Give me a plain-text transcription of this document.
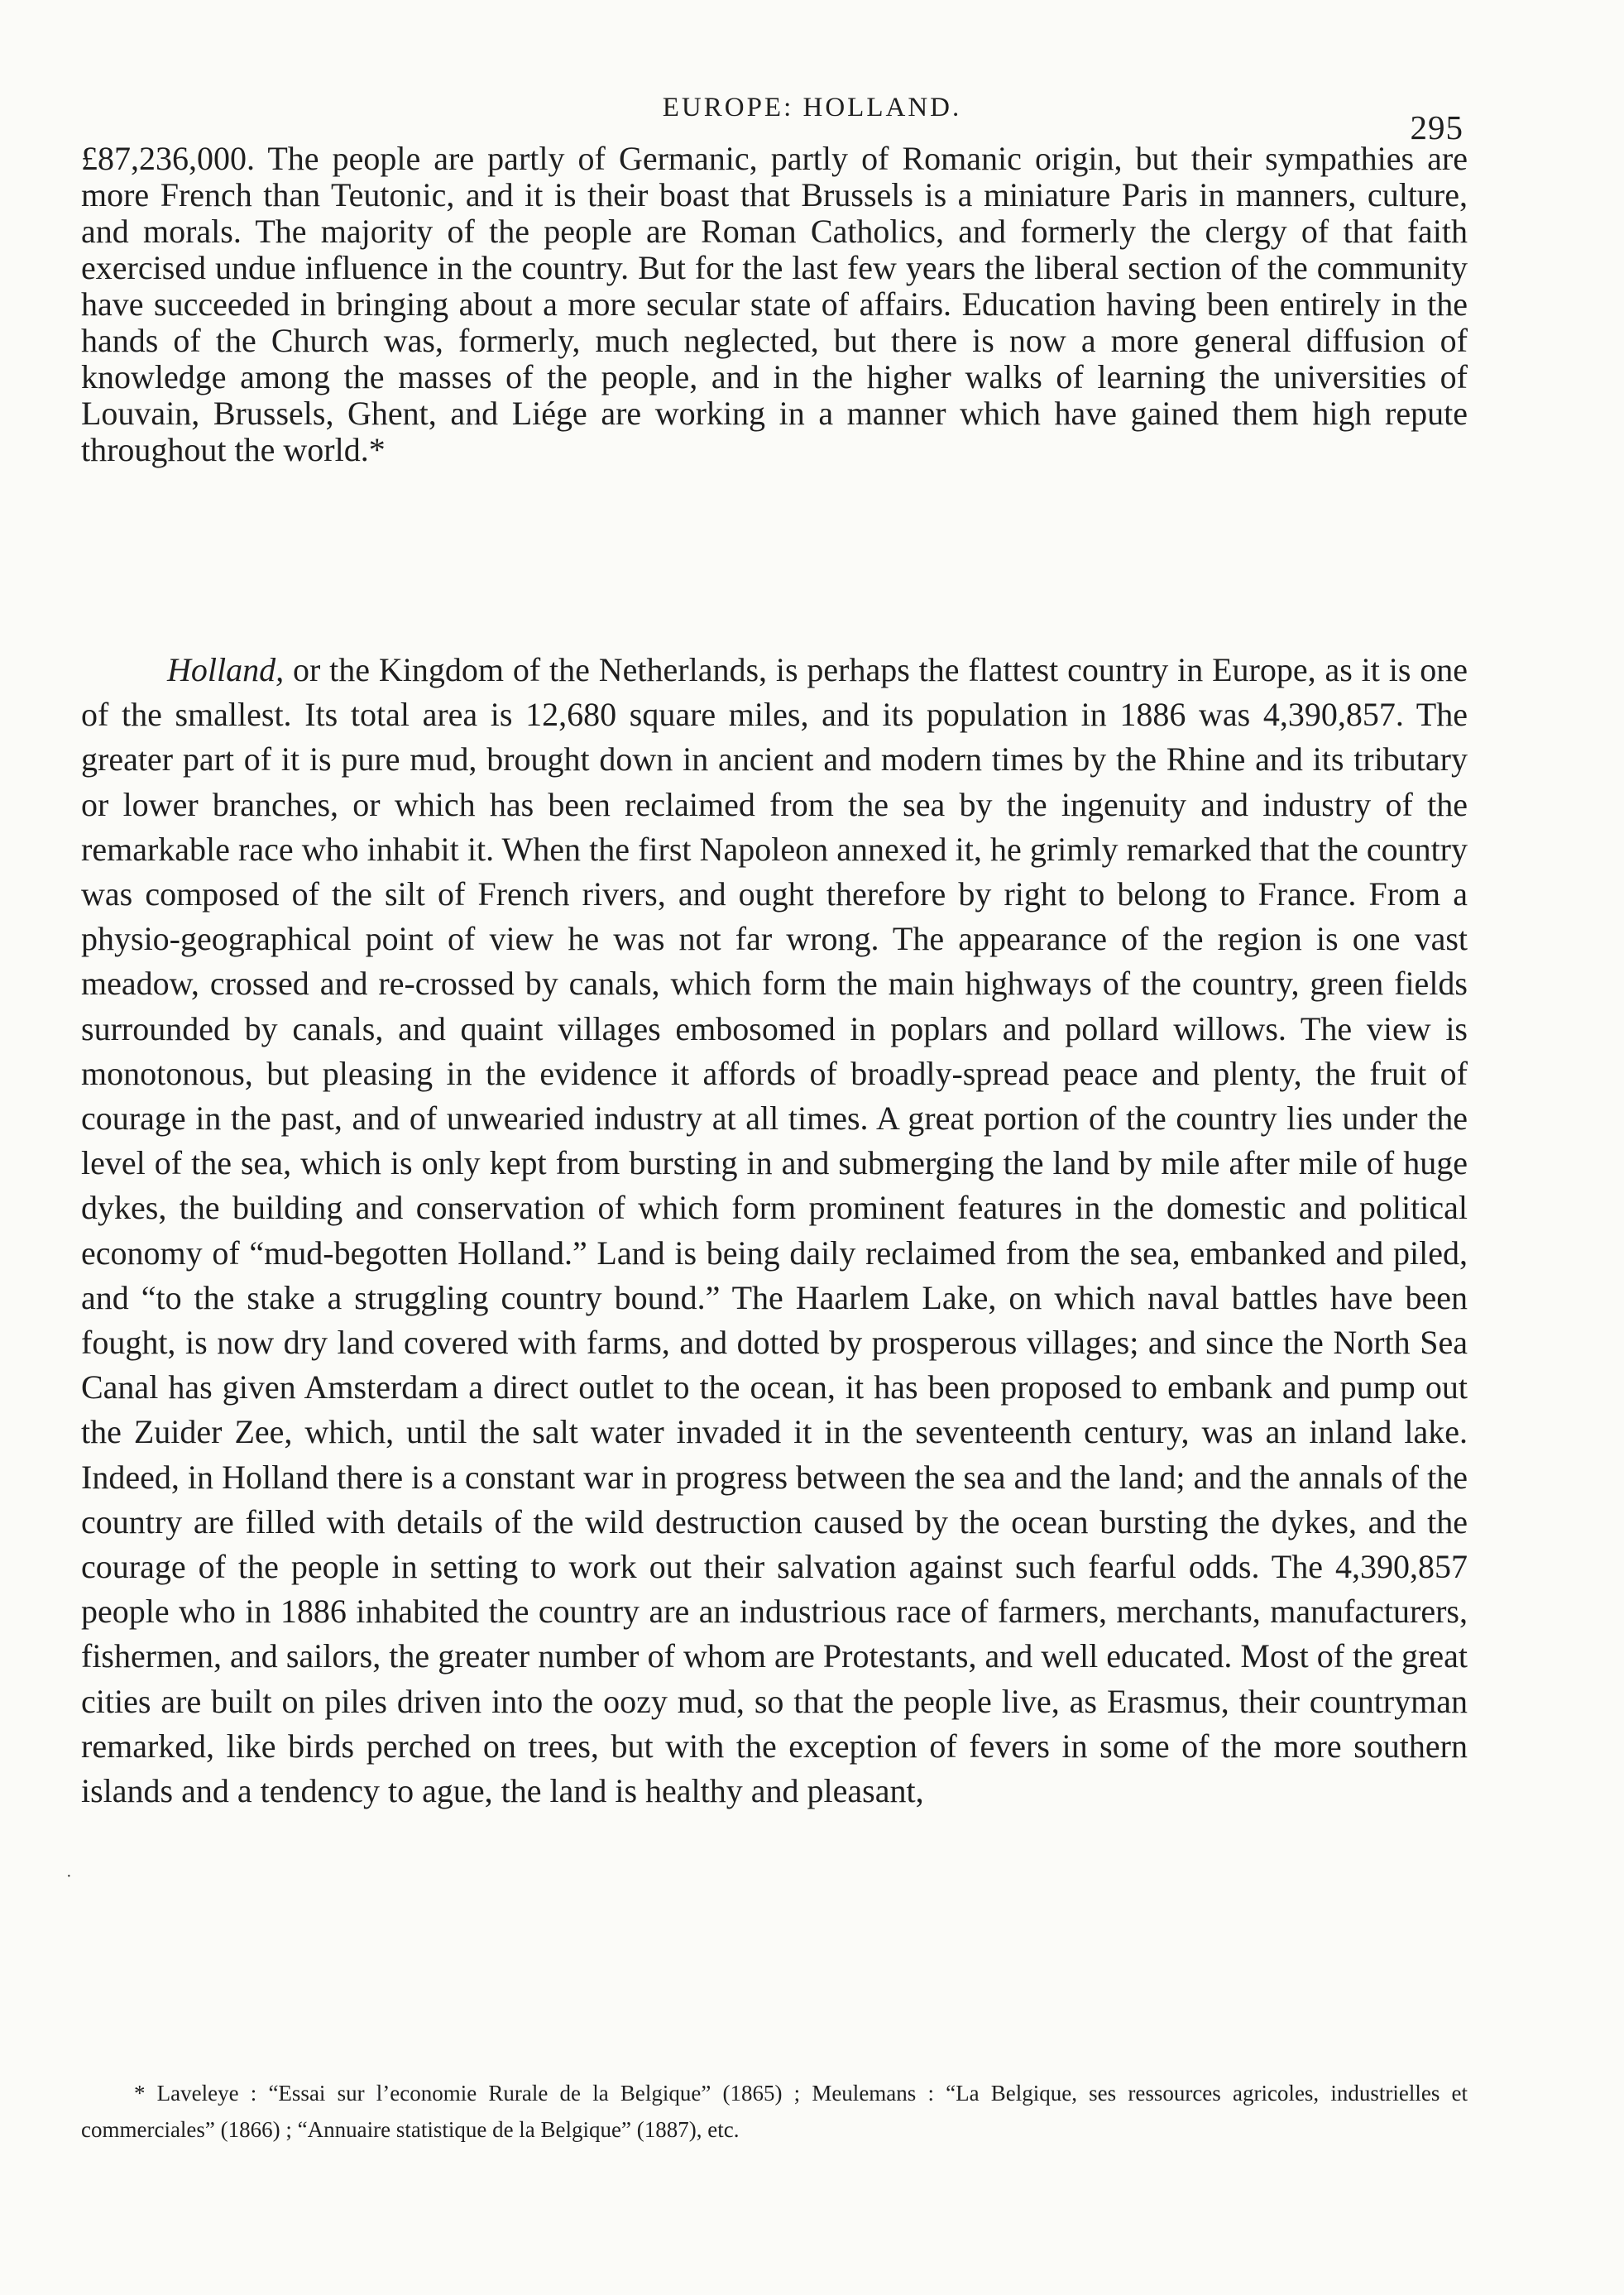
EUROPE: HOLLAND.
295

£87,236,000. The people are partly of Germanic, partly of Romanic origin, but their sympathies are more French than Teutonic, and it is their boast that Brussels is a miniature Paris in manners, culture, and morals. The majority of the people are Roman Catholics, and formerly the clergy of that faith exercised undue influence in the country. But for the last few years the liberal section of the community have succeeded in bringing about a more secular state of affairs. Education having been entirely in the hands of the Church was, formerly, much neglected, but there is now a more general diffusion of knowledge among the masses of the people, and in the higher walks of learning the universities of Louvain, Brussels, Ghent, and Liége are working in a manner which have gained them high repute throughout the world.*

Holland, or the Kingdom of the Netherlands, is perhaps the flattest country in Europe, as it is one of the smallest. Its total area is 12,680 square miles, and its population in 1886 was 4,390,857. The greater part of it is pure mud, brought down in ancient and modern times by the Rhine and its tributary or lower branches, or which has been reclaimed from the sea by the ingenuity and industry of the remarkable race who inhabit it. When the first Napoleon annexed it, he grimly remarked that the country was composed of the silt of French rivers, and ought therefore by right to belong to France. From a physio-geographical point of view he was not far wrong. The appearance of the region is one vast meadow, crossed and re-crossed by canals, which form the main highways of the country, green fields surrounded by canals, and quaint villages embosomed in poplars and pollard willows. The view is monotonous, but pleasing in the evidence it affords of broadly-spread peace and plenty, the fruit of courage in the past, and of unwearied industry at all times. A great portion of the country lies under the level of the sea, which is only kept from bursting in and submerging the land by mile after mile of huge dykes, the building and conservation of which form prominent features in the domestic and political economy of “mud-begotten Holland.” Land is being daily reclaimed from the sea, embanked and piled, and “to the stake a struggling country bound.” The Haarlem Lake, on which naval battles have been fought, is now dry land covered with farms, and dotted by prosperous villages; and since the North Sea Canal has given Amsterdam a direct outlet to the ocean, it has been proposed to embank and pump out the Zuider Zee, which, until the salt water invaded it in the seventeenth century, was an inland lake. Indeed, in Holland there is a constant war in progress between the sea and the land; and the annals of the country are filled with details of the wild destruction caused by the ocean bursting the dykes, and the courage of the people in setting to work out their salvation against such fearful odds. The 4,390,857 people who in 1886 inhabited the country are an industrious race of farmers, merchants, manufacturers, fishermen, and sailors, the greater number of whom are Protestants, and well educated. Most of the great cities are built on piles driven into the oozy mud, so that the people live, as Erasmus, their countryman remarked, like birds perched on trees, but with the exception of fevers in some of the more southern islands and a tendency to ague, the land is healthy and pleasant,

·

* Laveleye : “Essai sur l’economie Rurale de la Belgique” (1865) ; Meulemans : “La Belgique, ses ressources agricoles, industrielles et commerciales” (1866) ; “Annuaire statistique de la Belgique” (1887), etc.
